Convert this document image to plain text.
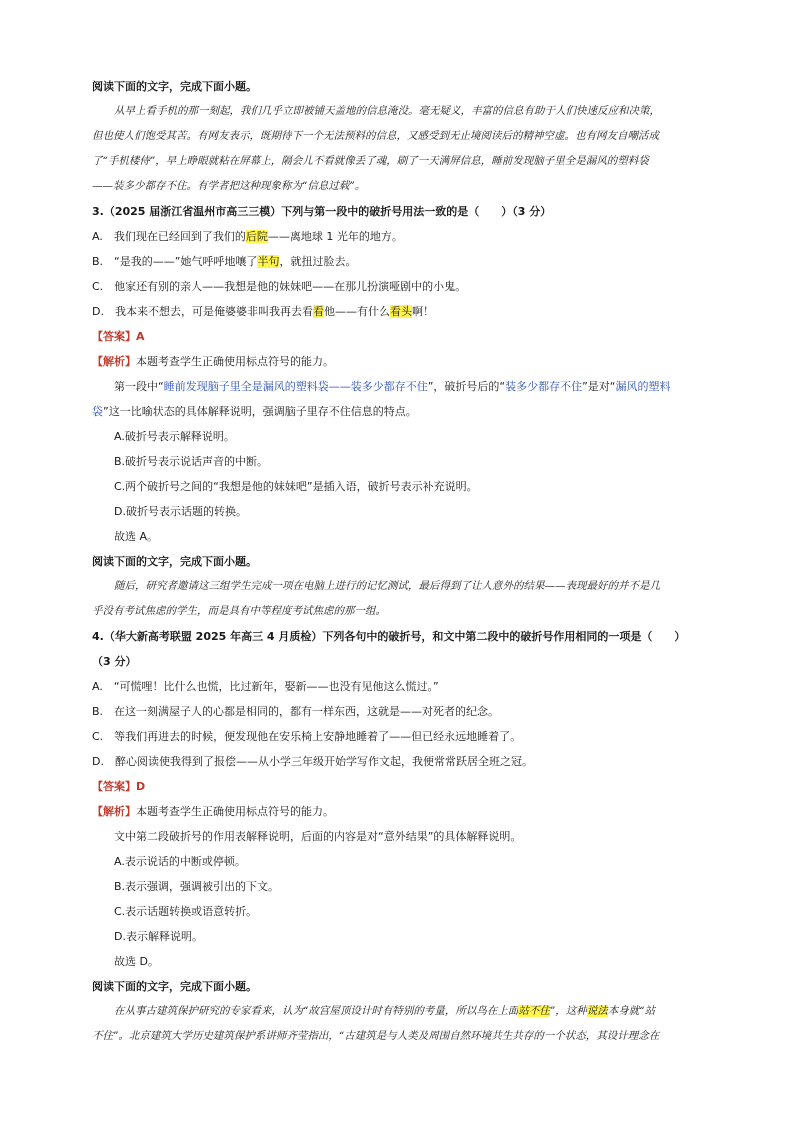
阅读下面的文字，完成下面小题。
从早上看手机的那一刻起，我们几乎立即被铺天盖地的信息淹没。毫无疑义，丰富的信息有助于人们快速反应和决策，
但也使人们饱受其苦。有网友表示，既期待下一个无法预料的信息，又感受到无止境阅读后的精神空虚。也有网友自嘲活成
了“手机楼侍”，早上睁眼就粘在屏幕上，隔会儿不看就像丢了魂，刷了一天满屏信息，睡前发现脑子里全是漏风的塑料袋
——装多少都存不住。有学者把这种现象称为“信息过载”。
3.（2025 届浙江省温州市高三三模）下列与第一段中的破折号用法一致的是（　　）（3 分）
A.　我们现在已经回到了我们的后院——离地球 1 光年的地方。
B.　“是我的——”她气呼呼地嚷了半句，就扭过脸去。
C.　他家还有别的亲人——我想是他的妹妹吧——在那儿扮演哑剧中的小鬼。
D.　我本来不想去，可是俺婆婆非叫我再去看看他——有什么看头啊！
【答案】A
【解析】本题考查学生正确使用标点符号的能力。
第一段中“睡前发现脑子里全是漏风的塑料袋——装多少都存不住”，破折号后的“装多少都存不住”是对“漏风的塑料
袋”这一比喻状态的具体解释说明，强调脑子里存不住信息的特点。
A.破折号表示解释说明。
B.破折号表示说话声音的中断。
C.两个破折号之间的“我想是他的妹妹吧”是插入语，破折号表示补充说明。
D.破折号表示话题的转换。
故选 A。
阅读下面的文字，完成下面小题。
随后，研究者邀请这三组学生完成一项在电脑上进行的记忆测试，最后得到了让人意外的结果——表现最好的并不是几
乎没有考试焦虑的学生，而是具有中等程度考试焦虑的那一组。
4.（华大新高考联盟 2025 年高三 4 月质检）下列各句中的破折号，和文中第二段中的破折号作用相同的一项是（　　）
（3 分）
A.　“可慌哩！比什么也慌，比过新年，娶新——也没有见他这么慌过。”
B.　在这一刻满屋子人的心都是相同的，都有一样东西，这就是——对死者的纪念。
C.　等我们再进去的时候，便发现他在安乐椅上安静地睡着了——但已经永远地睡着了。
D.　醉心阅读使我得到了报偿——从小学三年级开始学写作文起，我便常常跃居全班之冠。
【答案】D
【解析】本题考查学生正确使用标点符号的能力。
文中第二段破折号的作用表解释说明，后面的内容是对“意外结果”的具体解释说明。
A.表示说话的中断或停顿。
B.表示强调，强调被引出的下文。
C.表示话题转换或语意转折。
D.表示解释说明。
故选 D。
阅读下面的文字，完成下面小题。
在从事古建筑保护研究的专家看来，认为“故宫屋顶设计时有特别的考量，所以鸟在上面站不住”，这种说法本身就“站
不住”。北京建筑大学历史建筑保护系讲师齐莹指出，“古建筑是与人类及周围自然环境共生共存的一个状态，其设计理念在
